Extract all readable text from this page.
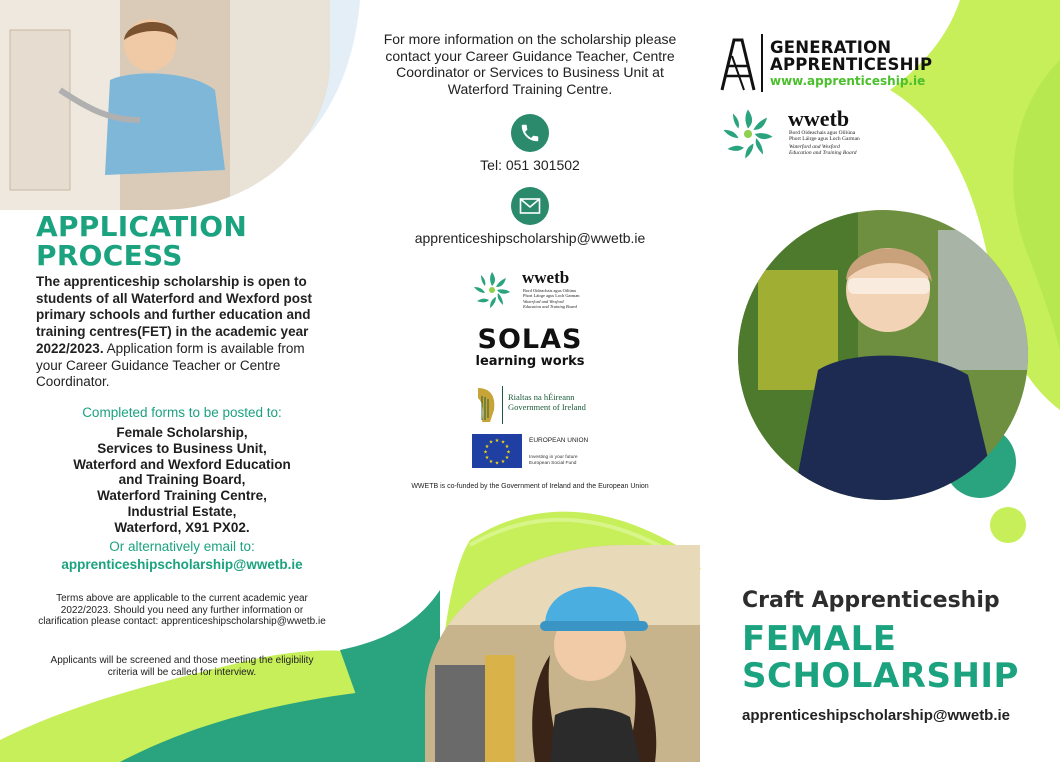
APPLICATION
PROCESS
The apprenticeship scholarship is open to students of all Waterford and Wexford post primary schools and further education and training centres(FET) in the academic year 2022/2023. Application form is available from your Career Guidance Teacher or Centre Coordinator.
Completed forms to be posted to:
Female Scholarship,
Services to Business Unit,
Waterford and Wexford Education
and Training Board,
Waterford Training Centre,
Industrial Estate,
Waterford, X91 PX02.
Or alternatively email to:
apprenticeshipscholarship@wwetb.ie
Terms above are applicable to the current academic year 2022/2023. Should you need any further information or clarification please contact: apprenticeshipscholarship@wwetb.ie
Applicants will be screened and those meeting the eligibility criteria will be called for interview.
For more information on the scholarship please contact your Career Guidance Teacher, Centre Coordinator or Services to Business Unit at Waterford Training Centre.
Tel: 051 301502
apprenticeshipscholarship@wwetb.ie
wwetb
Bord Oideachais agus Oiliúna
Phort Láirge agus Loch Garman
Waterford and Wexford
Education and Training Board
SOLAS
learning works
Rialtas na hÉireann
Government of Ireland
★ ★
★
★
★
★
★
★
★
★
★
★	EUROPEAN UNION
Investing in your future
European Social Fund
WWETB is co-funded by the Government of Ireland and the European Union
GENERATION
APPRENTICESHIP
www.apprenticeship.ie
wwetb
Bord Oideachais agus Oiliúna
Phort Láirge agus Loch Garman
Waterford and Wexford
Education and Training Board
Craft Apprenticeship
FEMALE
SCHOLARSHIP
apprenticeshipscholarship@wwetb.ie
